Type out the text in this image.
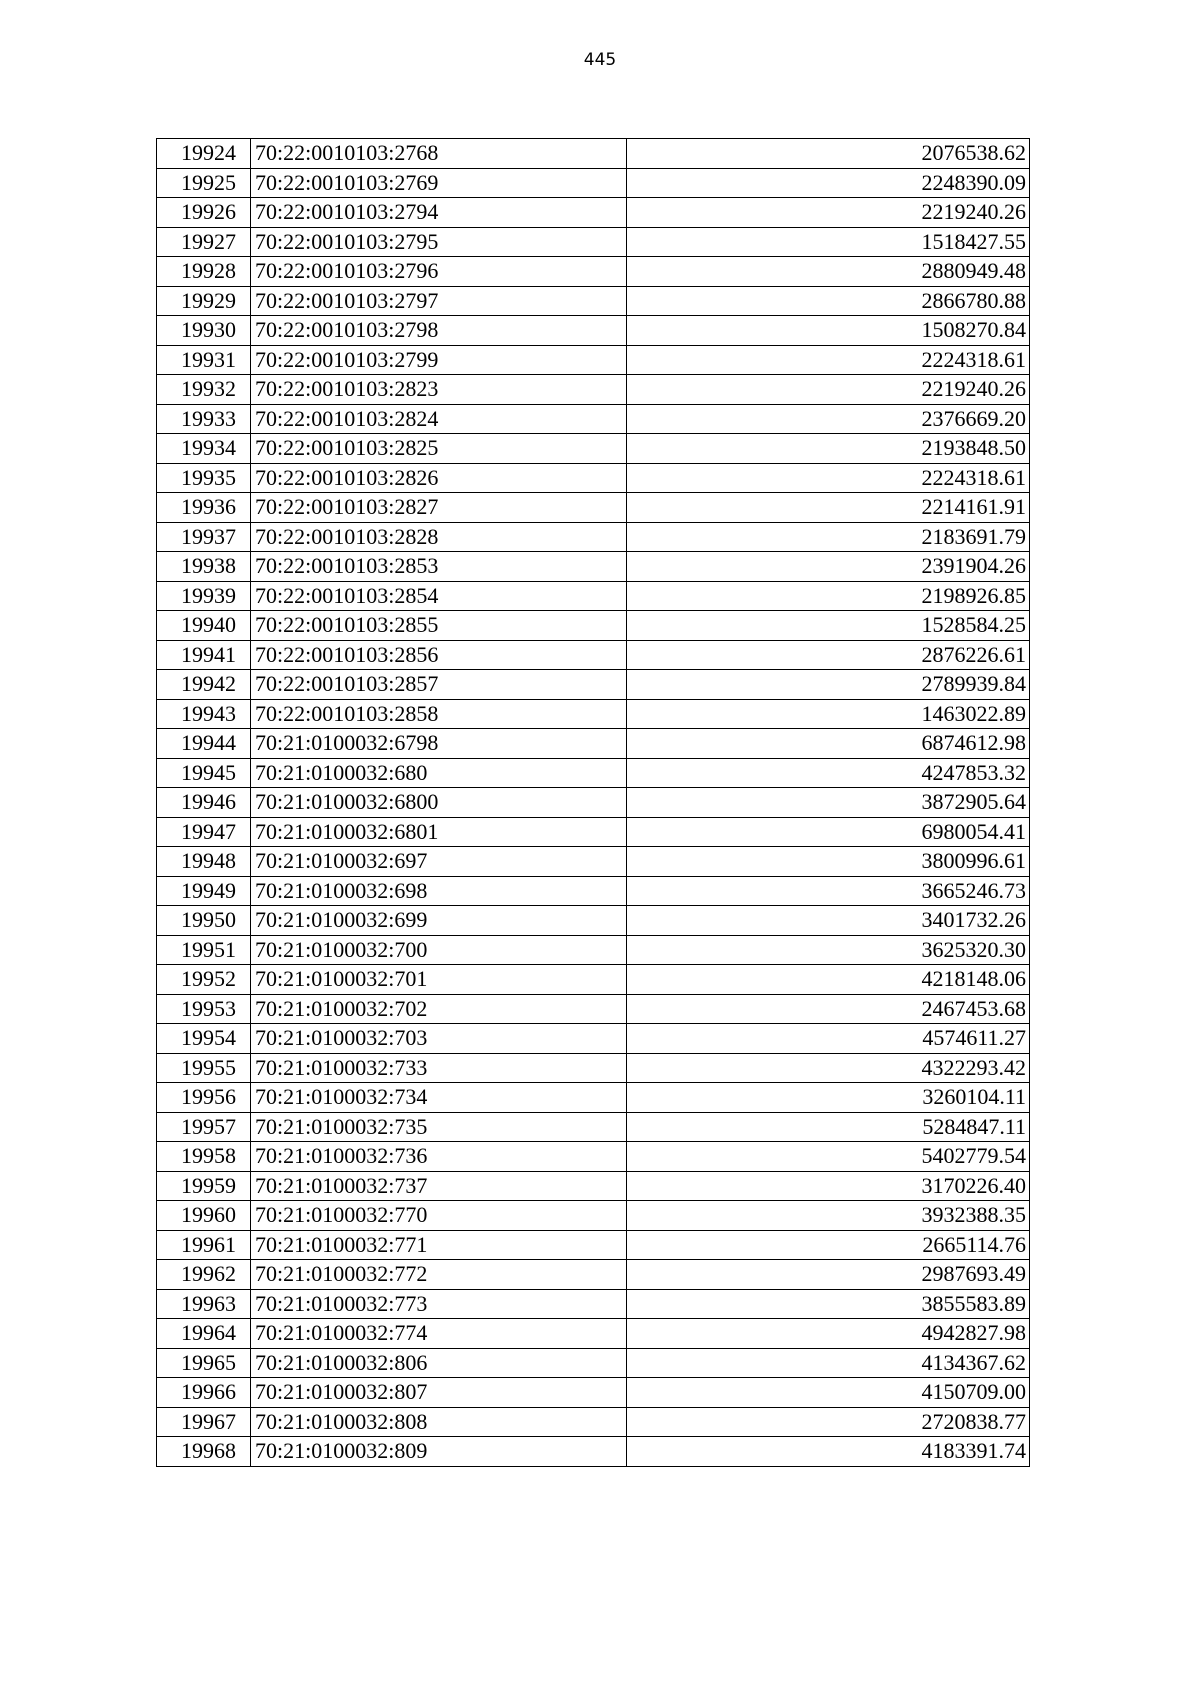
445
19924	70:22:0010103:2768	2076538.62
19925	70:22:0010103:2769	2248390.09
19926	70:22:0010103:2794	2219240.26
19927	70:22:0010103:2795	1518427.55
19928	70:22:0010103:2796	2880949.48
19929	70:22:0010103:2797	2866780.88
19930	70:22:0010103:2798	1508270.84
19931	70:22:0010103:2799	2224318.61
19932	70:22:0010103:2823	2219240.26
19933	70:22:0010103:2824	2376669.20
19934	70:22:0010103:2825	2193848.50
19935	70:22:0010103:2826	2224318.61
19936	70:22:0010103:2827	2214161.91
19937	70:22:0010103:2828	2183691.79
19938	70:22:0010103:2853	2391904.26
19939	70:22:0010103:2854	2198926.85
19940	70:22:0010103:2855	1528584.25
19941	70:22:0010103:2856	2876226.61
19942	70:22:0010103:2857	2789939.84
19943	70:22:0010103:2858	1463022.89
19944	70:21:0100032:6798	6874612.98
19945	70:21:0100032:680	4247853.32
19946	70:21:0100032:6800	3872905.64
19947	70:21:0100032:6801	6980054.41
19948	70:21:0100032:697	3800996.61
19949	70:21:0100032:698	3665246.73
19950	70:21:0100032:699	3401732.26
19951	70:21:0100032:700	3625320.30
19952	70:21:0100032:701	4218148.06
19953	70:21:0100032:702	2467453.68
19954	70:21:0100032:703	4574611.27
19955	70:21:0100032:733	4322293.42
19956	70:21:0100032:734	3260104.11
19957	70:21:0100032:735	5284847.11
19958	70:21:0100032:736	5402779.54
19959	70:21:0100032:737	3170226.40
19960	70:21:0100032:770	3932388.35
19961	70:21:0100032:771	2665114.76
19962	70:21:0100032:772	2987693.49
19963	70:21:0100032:773	3855583.89
19964	70:21:0100032:774	4942827.98
19965	70:21:0100032:806	4134367.62
19966	70:21:0100032:807	4150709.00
19967	70:21:0100032:808	2720838.77
19968	70:21:0100032:809	4183391.74
